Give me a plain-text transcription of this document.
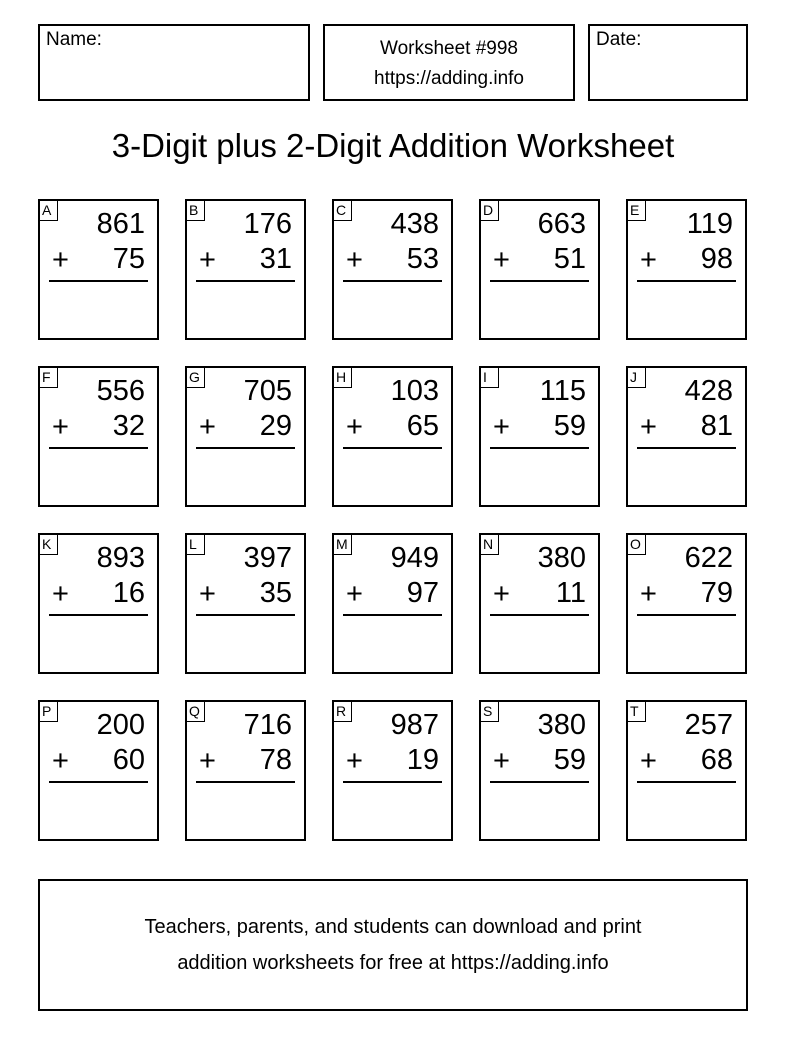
Name:	Worksheet #998
https://adding.info
Date:
3-Digit plus 2-Digit Addition Worksheet
A 861
+ 75
B 176
+ 31
C 438
+ 53
D 663
+ 51
E 119
+ 98
F 556
+ 32
G 705
+ 29
H 103
+ 65
I	115
+ 59
J	428
+ 81
K 893
+ 16
L 397
+ 35
M 949
+ 97
N 380
+ 11
O 622
+ 79
P 200
+ 60
Q 716
+ 78
R 987
+ 19
S 380
+ 59
T 257
+ 68
Teachers, parents, and students can download and print
addition worksheets for free at https://adding.info
